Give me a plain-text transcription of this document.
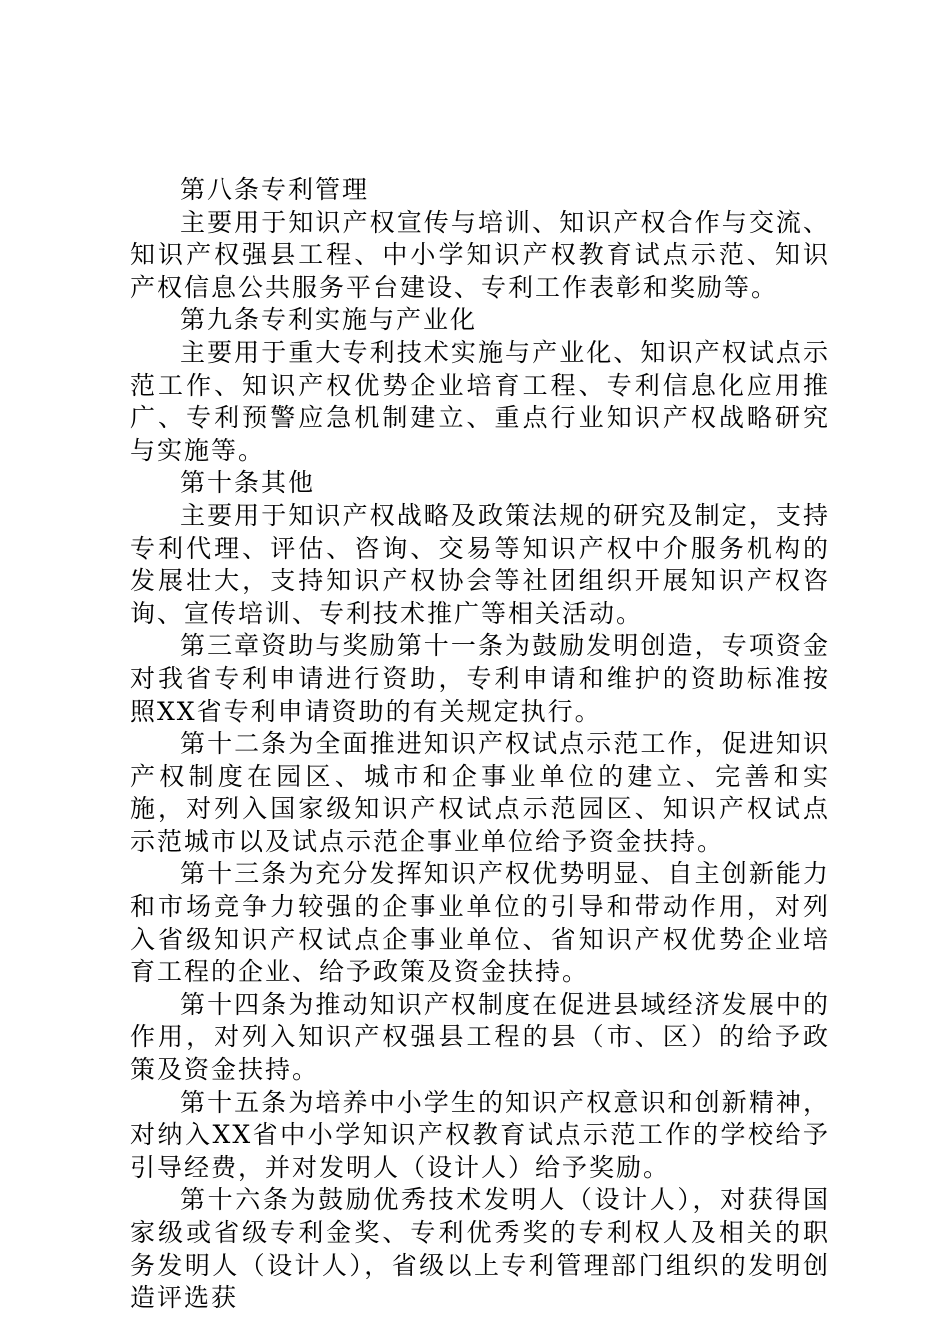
第八条专利管理

主要用于知识产权宣传与培训、知识产权合作与交流、知识产权强县工程、中小学知识产权教育试点示范、知识产权信息公共服务平台建设、专利工作表彰和奖励等。

第九条专利实施与产业化

主要用于重大专利技术实施与产业化、知识产权试点示范工作、知识产权优势企业培育工程、专利信息化应用推广、专利预警应急机制建立、重点行业知识产权战略研究与实施等。

第十条其他

主要用于知识产权战略及政策法规的研究及制定，支持专利代理、评估、咨询、交易等知识产权中介服务机构的发展壮大，支持知识产权协会等社团组织开展知识产权咨询、宣传培训、专利技术推广等相关活动。

第三章资助与奖励第十一条为鼓励发明创造，专项资金对我省专利申请进行资助，专利申请和维护的资助标准按照XX省专利申请资助的有关规定执行。

第十二条为全面推进知识产权试点示范工作，促进知识产权制度在园区、城市和企事业单位的建立、完善和实施，对列入国家级知识产权试点示范园区、知识产权试点示范城市以及试点示范企事业单位给予资金扶持。

第十三条为充分发挥知识产权优势明显、自主创新能力和市场竞争力较强的企事业单位的引导和带动作用，对列入省级知识产权试点企事业单位、省知识产权优势企业培育工程的企业、给予政策及资金扶持。

第十四条为推动知识产权制度在促进县域经济发展中的作用，对列入知识产权强县工程的县（市、区）的给予政策及资金扶持。

第十五条为培养中小学生的知识产权意识和创新精神，对纳入XX省中小学知识产权教育试点示范工作的学校给予引导经费，并对发明人（设计人）给予奖励。

第十六条为鼓励优秀技术发明人（设计人），对获得国家级或省级专利金奖、专利优秀奖的专利权人及相关的职务发明人（设计人），省级以上专利管理部门组织的发明创造评选获
